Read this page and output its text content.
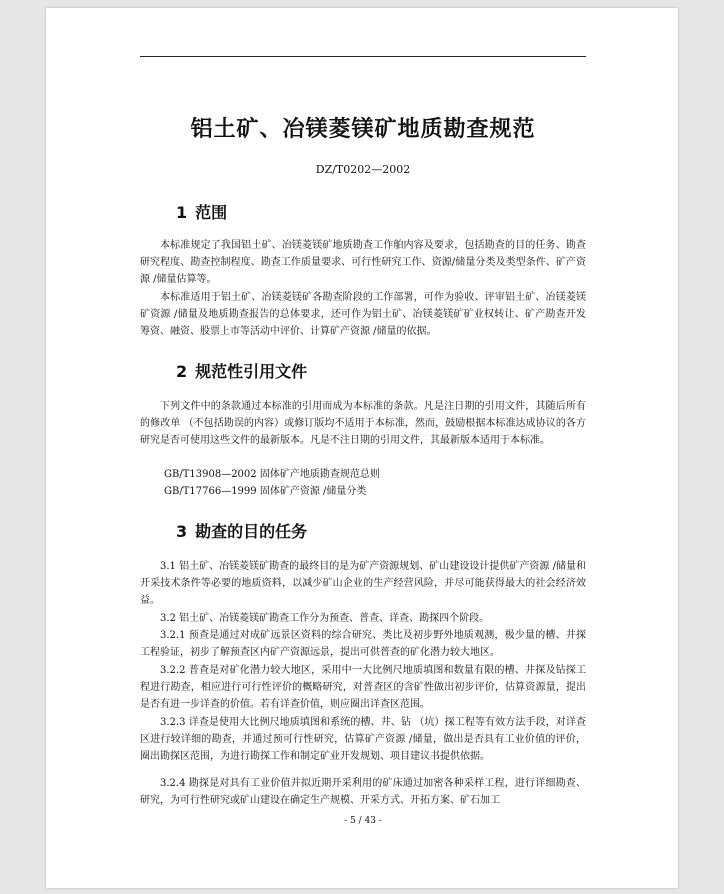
铝土矿、冶镁菱镁矿地质勘查规范
DZ/T0202—2002
1 范围
本标准规定了我国铝土矿、冶镁菱镁矿地质勘查工作舶内容及要求，包括勘查的目的任务、勘查研究程度、勘查控制程度、勘查工作质量要求、可行性研究工作、资源/储量分类及类型条件、矿产资源 /储量估算等。
本标准适用于铝土矿、冶镁菱镁矿各勘查阶段的工作部署，可作为验收、评审铝土矿、冶镁菱镁矿资源 /储量及地质勘查报告的总体要求，还可作为铝土矿、冶镁菱镁矿矿业权转让、矿产勘查开发筹资、融资、股票上市等活动中评价、计算矿产资源 /储量的依据。
2 规范性引用文件
下列文件中的条款通过本标准的引用而成为本标准的条款。凡是注日期的引用文件，其随后所有的修改单 （不包括勘误的内容）或修订版均不适用于本标准，然而，鼓励根据本标准达成协议的各方研究是否可使用这些文件的最新版本。凡是不注日期的引用文件，其最新版本适用于本标准。
GB/T13908—2002 固体矿产地质勘查规范总则
GB/T17766—1999 固体矿产资源 /储量分类
3 勘查的目的任务
3.1 铝土矿、冶镁菱镁矿勘查的最终目的是为矿产资源规划、矿山建设设计提供矿产资源 /储量和开采技术条件等必要的地质资料，以减少矿山企业的生产经营风险，并尽可能获得最大的社会经济效益。
3.2 铝土矿、冶镁菱镁矿勘查工作分为预查、普查、详查、勘探四个阶段。
3.2.1 预查是通过对成矿远景区资料的综合研究、类比及初步野外地质观测，极少量的槽、井探工程验证，初步了解预查区内矿产资源远景，提出可供普查的矿化潜力较大地区。
3.2.2 普查是对矿化潜力较大地区，采用中一大比例尺地质填图和数量有限的槽、井探及钻探工程进行勘查，相应进行可行性评价的概略研究，对普查区的含矿性做出初步评价，估算资源量，提出是否有进一步详查的价值。若有详查价值，则应圈出详查区范围。
3.2.3 详查是使用大比例尺地质填图和系统的槽、井、钻 （坑）探工程等有效方法手段，对详查区进行较详细的勘查，并通过预可行性研究，估算矿产资源 /储量，做出是否具有工业价值的评价，圈出勘探区范围，为进行勘探工作和制定矿业开发规划、项目建议书提供依据。
3.2.4 勘探是对具有工业价值并拟近期开采利用的矿床通过加密各种采样工程，进行详细勘查、研究，为可行性研究或矿山建设在确定生产规模、开采方式、开拓方案、矿石加工
- 5 / 43 -
